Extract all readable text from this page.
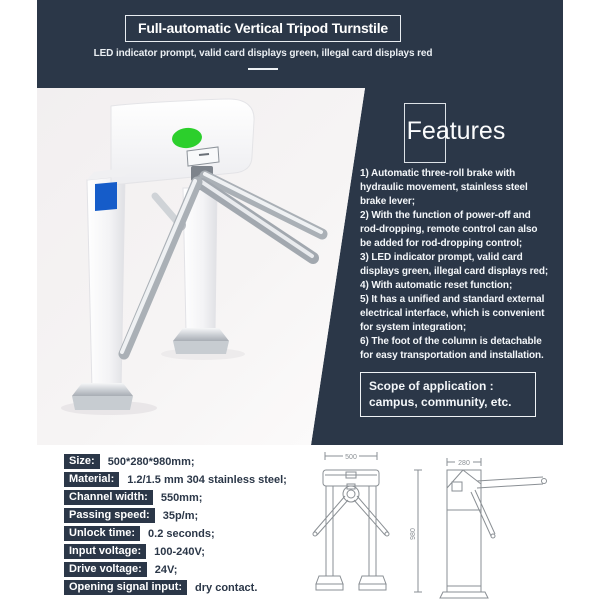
Full-automatic Vertical Tripod Turnstile
LED indicator prompt, valid card displays green, illegal card displays red
Features

1) Automatic three-roll brake with hydraulic movement, stainless steel brake lever;

2) With the function of power-off and rod-dropping, remote control can also be added for rod-dropping control;

3) LED indicator prompt, valid card displays green, illegal card displays red;

4) With automatic reset function;

5) It has a unified and standard external electrical interface, which is convenient for system integration;

6) The foot of the column is detachable for easy transportation and installation.

Scope of application : campus, community, etc.
Size:	500*280*980mm;
Material:	1.2/1.5 mm 304 stainless steel;
Channel width:	550mm;
Passing speed:	35p/m;
Unlock time:	0.2 seconds;
Input voltage:	100-240V;
Drive voltage:	24V;
Opening signal input:	dry contact.
500
280
980
